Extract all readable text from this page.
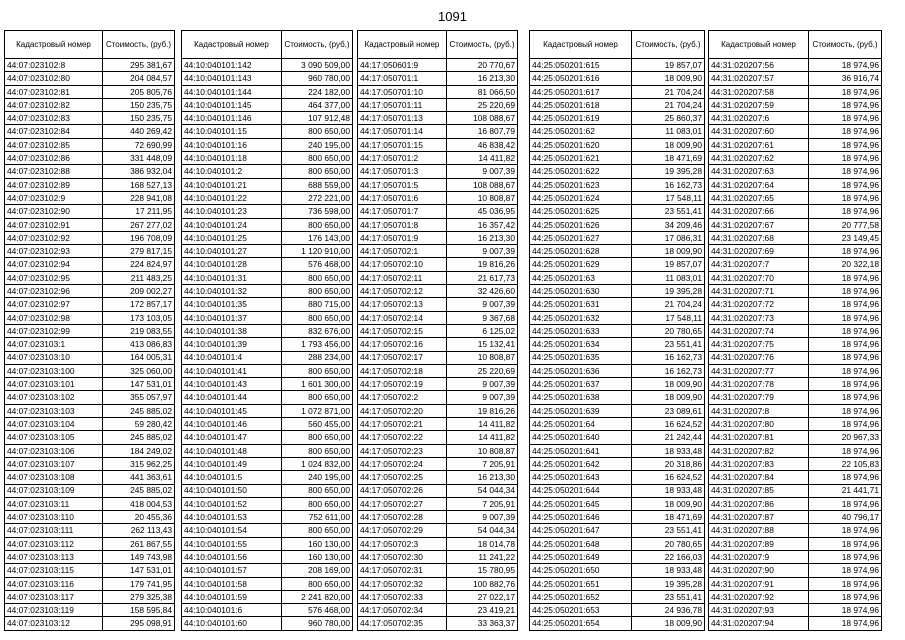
1091
Кадастровый номер	Стоимость, (руб.)
44:07:023102:8	295 381,67
44:07:023102:80	204 084,57
44:07:023102:81	205 805,76
44:07:023102:82	150 235,75
44:07:023102:83	150 235,75
44:07:023102:84	440 269,42
44:07:023102:85	72 690,99
44:07:023102:86	331 448,09
44:07:023102:88	386 932,04
44:07:023102:89	168 527,13
44:07:023102:9	228 941,08
44:07:023102:90	17 211,95
44:07:023102:91	267 277,02
44:07:023102:92	196 708,09
44:07:023102:93	279 817,15
44:07:023102:94	224 824,97
44:07:023102:95	211 483,25
44:07:023102:96	209 002,27
44:07:023102:97	172 857,17
44:07:023102:98	173 103,05
44:07:023102:99	219 083,55
44:07:023103:1	413 086,83
44:07:023103:10	164 005,31
44:07:023103:100	325 060,00
44:07:023103:101	147 531,01
44:07:023103:102	355 057,97
44:07:023103:103	245 885,02
44:07:023103:104	59 280,42
44:07:023103:105	245 885,02
44:07:023103:106	184 249,02
44:07:023103:107	315 962,25
44:07:023103:108	441 363,61
44:07:023103:109	245 885,02
44:07:023103:11	418 004,53
44:07:023103:110	20 455,36
44:07:023103:111	262 113,43
44:07:023103:112	261 867,55
44:07:023103:113	149 743,98
44:07:023103:115	147 531,01
44:07:023103:116	179 741,95
44:07:023103:117	279 325,38
44:07:023103:119	158 595,84
44:07:023103:12	295 098,91
Кадастровый номер	Стоимость, (руб.)
44:10:040101:142	3 090 509,00
44:10:040101:143	960 780,00
44:10:040101:144	224 182,00
44:10:040101:145	464 377,00
44:10:040101:146	107 912,48
44:10:040101:15	800 650,00
44:10:040101:16	240 195,00
44:10:040101:18	800 650,00
44:10:040101:2	800 650,00
44:10:040101:21	688 559,00
44:10:040101:22	272 221,00
44:10:040101:23	736 598,00
44:10:040101:24	800 650,00
44:10:040101:25	176 143,00
44:10:040101:27	1 120 910,00
44:10:040101:28	576 468,00
44:10:040101:31	800 650,00
44:10:040101:32	800 650,00
44:10:040101:35	880 715,00
44:10:040101:37	800 650,00
44:10:040101:38	832 676,00
44:10:040101:39	1 793 456,00
44:10:040101:4	288 234,00
44:10:040101:41	800 650,00
44:10:040101:43	1 601 300,00
44:10:040101:44	800 650,00
44:10:040101:45	1 072 871,00
44:10:040101:46	560 455,00
44:10:040101:47	800 650,00
44:10:040101:48	800 650,00
44:10:040101:49	1 024 832,00
44:10:040101:5	240 195,00
44:10:040101:50	800 650,00
44:10:040101:52	800 650,00
44:10:040101:53	752 611,00
44:10:040101:54	800 650,00
44:10:040101:55	160 130,00
44:10:040101:56	160 130,00
44:10:040101:57	208 169,00
44:10:040101:58	800 650,00
44:10:040101:59	2 241 820,00
44:10:040101:6	576 468,00
44:10:040101:60	960 780,00
Кадастровый номер	Стоимость, (руб.)
44:17:050601:9	20 770,67
44:17:050701:1	16 213,30
44:17:050701:10	81 066,50
44:17:050701:11	25 220,69
44:17:050701:13	108 088,67
44:17:050701:14	16 807,79
44:17:050701:15	46 838,42
44:17:050701:2	14 411,82
44:17:050701:3	9 007,39
44:17:050701:5	108 088,67
44:17:050701:6	10 808,87
44:17:050701:7	45 036,95
44:17:050701:8	16 357,42
44:17:050701:9	16 213,30
44:17:050702:1	9 007,39
44:17:050702:10	19 816,26
44:17:050702:11	21 617,73
44:17:050702:12	32 426,60
44:17:050702:13	9 007,39
44:17:050702:14	9 367,68
44:17:050702:15	6 125,02
44:17:050702:16	15 132,41
44:17:050702:17	10 808,87
44:17:050702:18	25 220,69
44:17:050702:19	9 007,39
44:17:050702:2	9 007,39
44:17:050702:20	19 816,26
44:17:050702:21	14 411,82
44:17:050702:22	14 411,82
44:17:050702:23	10 808,87
44:17:050702:24	7 205,91
44:17:050702:25	16 213,30
44:17:050702:26	54 044,34
44:17:050702:27	7 205,91
44:17:050702:28	9 007,39
44:17:050702:29	54 044,34
44:17:050702:3	18 014,78
44:17:050702:30	11 241,22
44:17:050702:31	15 780,95
44:17:050702:32	100 882,76
44:17:050702:33	27 022,17
44:17:050702:34	23 419,21
44:17:050702:35	33 363,37
Кадастровый номер	Стоимость, (руб.)
44:25:050201:615	19 857,07
44:25:050201:616	18 009,90
44:25:050201:617	21 704,24
44:25:050201:618	21 704,24
44:25:050201:619	25 860,37
44:25:050201:62	11 083,01
44:25:050201:620	18 009,90
44:25:050201:621	18 471,69
44:25:050201:622	19 395,28
44:25:050201:623	16 162,73
44:25:050201:624	17 548,11
44:25:050201:625	23 551,41
44:25:050201:626	34 209,46
44:25:050201:627	17 086,31
44:25:050201:628	18 009,90
44:25:050201:629	19 857,07
44:25:050201:63	11 083,01
44:25:050201:630	19 395,28
44:25:050201:631	21 704,24
44:25:050201:632	17 548,11
44:25:050201:633	20 780,65
44:25:050201:634	23 551,41
44:25:050201:635	16 162,73
44:25:050201:636	16 162,73
44:25:050201:637	18 009,90
44:25:050201:638	18 009,90
44:25:050201:639	23 089,61
44:25:050201:64	16 624,52
44:25:050201:640	21 242,44
44:25:050201:641	18 933,48
44:25:050201:642	20 318,86
44:25:050201:643	16 624,52
44:25:050201:644	18 933,48
44:25:050201:645	18 009,90
44:25:050201:646	18 471,69
44:25:050201:647	23 551,41
44:25:050201:648	20 780,65
44:25:050201:649	22 166,03
44:25:050201:650	18 933,48
44:25:050201:651	19 395,28
44:25:050201:652	23 551,41
44:25:050201:653	24 936,78
44:25:050201:654	18 009,90
Кадастровый номер	Стоимость, (руб.)
44:31:020207:56	18 974,96
44:31:020207:57	36 916,74
44:31:020207:58	18 974,96
44:31:020207:59	18 974,96
44:31:020207:6	18 974,96
44:31:020207:60	18 974,96
44:31:020207:61	18 974,96
44:31:020207:62	18 974,96
44:31:020207:63	18 974,96
44:31:020207:64	18 974,96
44:31:020207:65	18 974,96
44:31:020207:66	18 974,96
44:31:020207:67	20 777,58
44:31:020207:68	23 149,45
44:31:020207:69	18 974,96
44:31:020207:7	20 322,18
44:31:020207:70	18 974,96
44:31:020207:71	18 974,96
44:31:020207:72	18 974,96
44:31:020207:73	18 974,96
44:31:020207:74	18 974,96
44:31:020207:75	18 974,96
44:31:020207:76	18 974,96
44:31:020207:77	18 974,96
44:31:020207:78	18 974,96
44:31:020207:79	18 974,96
44:31:020207:8	18 974,96
44:31:020207:80	18 974,96
44:31:020207:81	20 967,33
44:31:020207:82	18 974,96
44:31:020207:83	22 105,83
44:31:020207:84	18 974,96
44:31:020207:85	21 441,71
44:31:020207:86	18 974,96
44:31:020207:87	40 796,17
44:31:020207:88	18 974,96
44:31:020207:89	18 974,96
44:31:020207:9	18 974,96
44:31:020207:90	18 974,96
44:31:020207:91	18 974,96
44:31:020207:92	18 974,96
44:31:020207:93	18 974,96
44:31:020207:94	18 974,96
